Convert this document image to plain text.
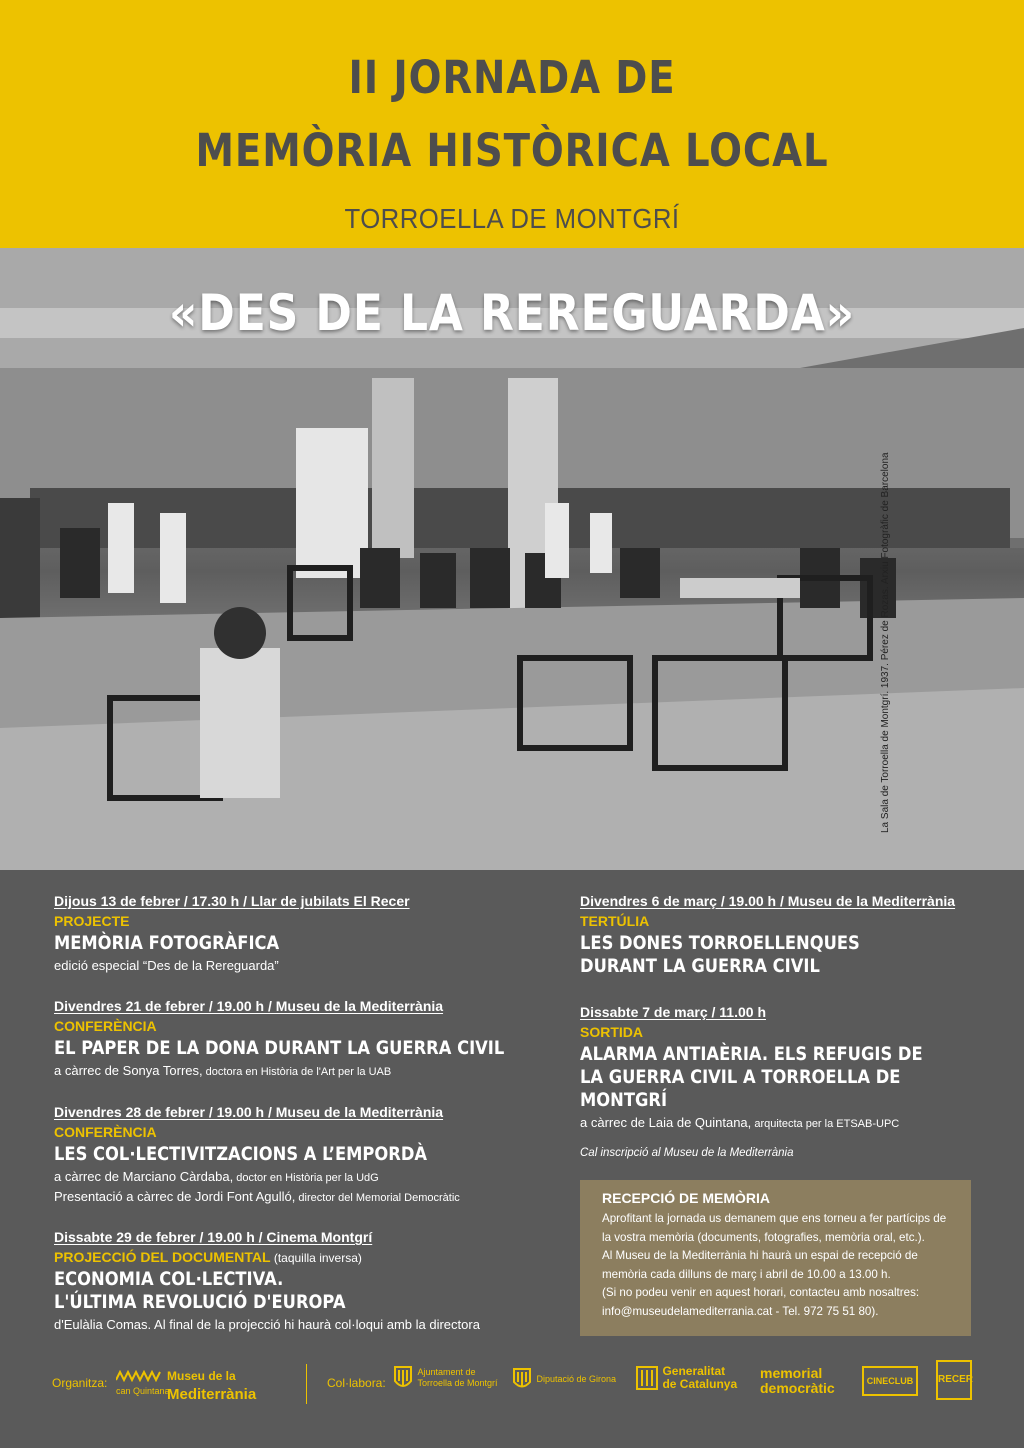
II JORNADA DE
MEMÒRIA HISTÒRICA LOCAL
TORROELLA DE MONTGRÍ
«DES DE LA REREGUARDA»
La Sala de Torroella de Montgrí. 1937. Pérez de Rozas. Arxiu Fotogràfic de Barcelona
Dijous 13 de febrer / 17.30 h / Llar de jubilats El Recer
PROJECTE
MEMÒRIA FOTOGRÀFICA
edició especial “Des de la Rereguarda”
Divendres 21 de febrer / 19.00 h / Museu de la Mediterrània
CONFERÈNCIA
EL PAPER DE LA DONA DURANT LA GUERRA CIVIL
a càrrec de Sonya Torres, doctora en Història de l'Art per la UAB
Divendres 28 de febrer / 19.00 h / Museu de la Mediterrània
CONFERÈNCIA
LES COL·LECTIVITZACIONS A L’EMPORDÀ
a càrrec de Marciano Càrdaba, doctor en Història per la UdG
Presentació a càrrec de Jordi Font Agulló, director del Memorial Democràtic
Dissabte 29 de febrer / 19.00 h / Cinema Montgrí
PROJECCIÓ DEL DOCUMENTAL (taquilla inversa)
ECONOMIA COL·LECTIVA.
L'ÚLTIMA REVOLUCIÓ D'EUROPA
d'Eulàlia Comas. Al final de la projecció hi haurà col·loqui amb la directora
Divendres 6 de març / 19.00 h / Museu de la Mediterrània
TERTÚLIA
LES DONES TORROELLENQUES
DURANT LA GUERRA CIVIL
Dissabte 7 de març / 11.00 h
SORTIDA
ALARMA ANTIAÈRIA. ELS REFUGIS DE
LA GUERRA CIVIL A TORROELLA DE
MONTGRÍ
a càrrec de Laia de Quintana, arquitecta per la ETSAB-UPC
Cal inscripció al Museu de la Mediterrània
RECEPCIÓ DE MEMÒRIA

Aprofitant la jornada us demanem que ens torneu a fer partícips de la vostra memòria (documents, fotografies, memòria oral, etc.).

Al Museu de la Mediterrània hi haurà un espai de recepció de memòria cada dilluns de març i abril de 10.00 a 13.00 h.

(Si no podeu venir en aquest horari, contacteu amb nosaltres: info@museudelamediterrania.cat - Tel. 972 75 51 80).

Organitza:
can Quintana
Museu de la
Mediterrània
Col·labora:
Ajuntament de
Torroella de Montgrí	Diputació de Girona
Generalitat
de Catalunya
memorial
democràtic	CINECLUB	RECER
